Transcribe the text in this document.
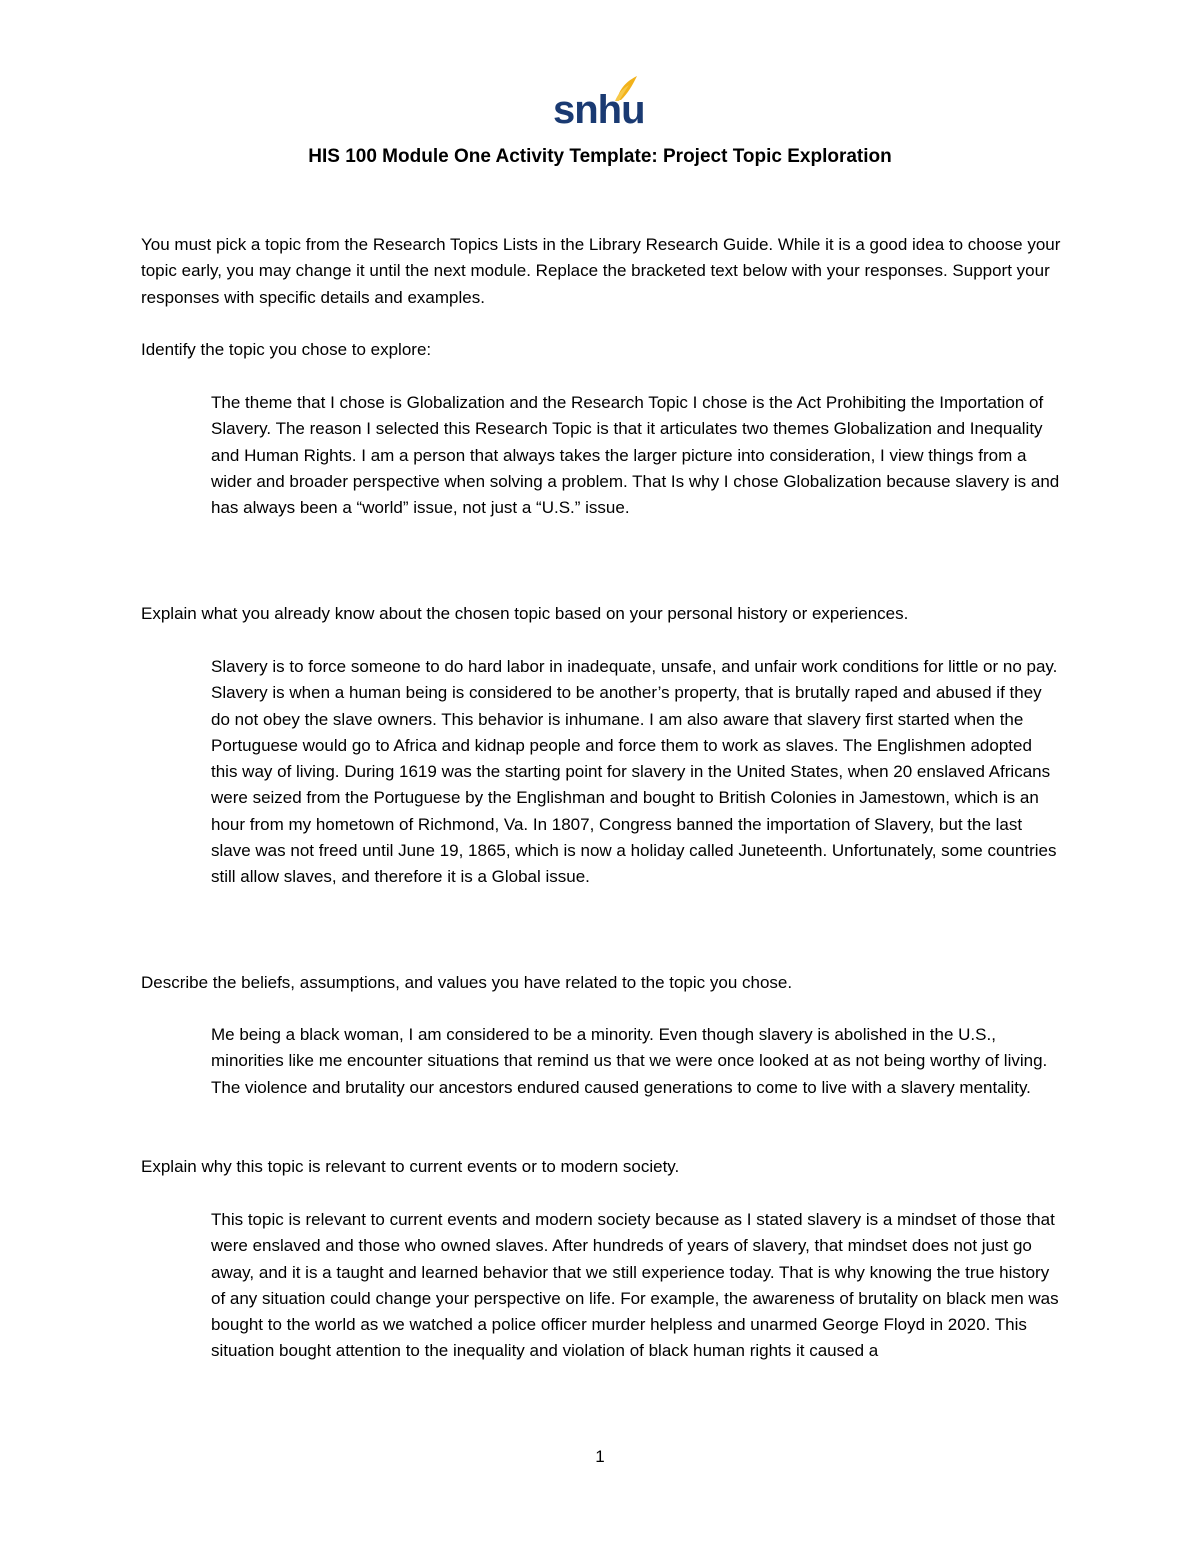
snhu
HIS 100 Module One Activity Template: Project Topic Exploration
You must pick a topic from the Research Topics Lists in the Library Research Guide. While it is a good idea to choose your topic early, you may change it until the next module. Replace the bracketed text below with your responses. Support your responses with specific details and examples.
Identify the topic you chose to explore:
The theme that I chose is Globalization and the Research Topic I chose is the Act Prohibiting the Importation of Slavery. The reason I selected this Research Topic is that it articulates two themes Globalization and Inequality and Human Rights. I am a person that always takes the larger picture into consideration, I view things from a wider and broader perspective when solving a problem. That Is why I chose Globalization because slavery is and has always been a “world” issue, not just a “U.S.” issue.
Explain what you already know about the chosen topic based on your personal history or experiences.
Slavery is to force someone to do hard labor in inadequate, unsafe, and unfair work conditions for little or no pay. Slavery is when a human being is considered to be another’s property, that is brutally raped and abused if they do not obey the slave owners. This behavior is inhumane. I am also aware that slavery first started when the Portuguese would go to Africa and kidnap people and force them to work as slaves. The Englishmen adopted this way of living. During 1619 was the starting point for slavery in the United States, when 20 enslaved Africans were seized from the Portuguese by the Englishman and bought to British Colonies in Jamestown, which is an hour from my hometown of Richmond, Va. In 1807, Congress banned the importation of Slavery, but the last slave was not freed until June 19, 1865, which is now a holiday called Juneteenth. Unfortunately, some countries still allow slaves, and therefore it is a Global issue.
Describe the beliefs, assumptions, and values you have related to the topic you chose.
Me being a black woman, I am considered to be a minority. Even though slavery is abolished in the U.S., minorities like me encounter situations that remind us that we were once looked at as not being worthy of living. The violence and brutality our ancestors endured caused generations to come to live with a slavery mentality.
Explain why this topic is relevant to current events or to modern society.
This topic is relevant to current events and modern society because as I stated slavery is a mindset of those that were enslaved and those who owned slaves. After hundreds of years of slavery, that mindset does not just go away, and it is a taught and learned behavior that we still experience today. That is why knowing the true history of any situation could change your perspective on life. For example, the awareness of brutality on black men was bought to the world as we watched a police officer murder helpless and unarmed George Floyd in 2020. This situation bought attention to the inequality and violation of black human rights it caused a
1
